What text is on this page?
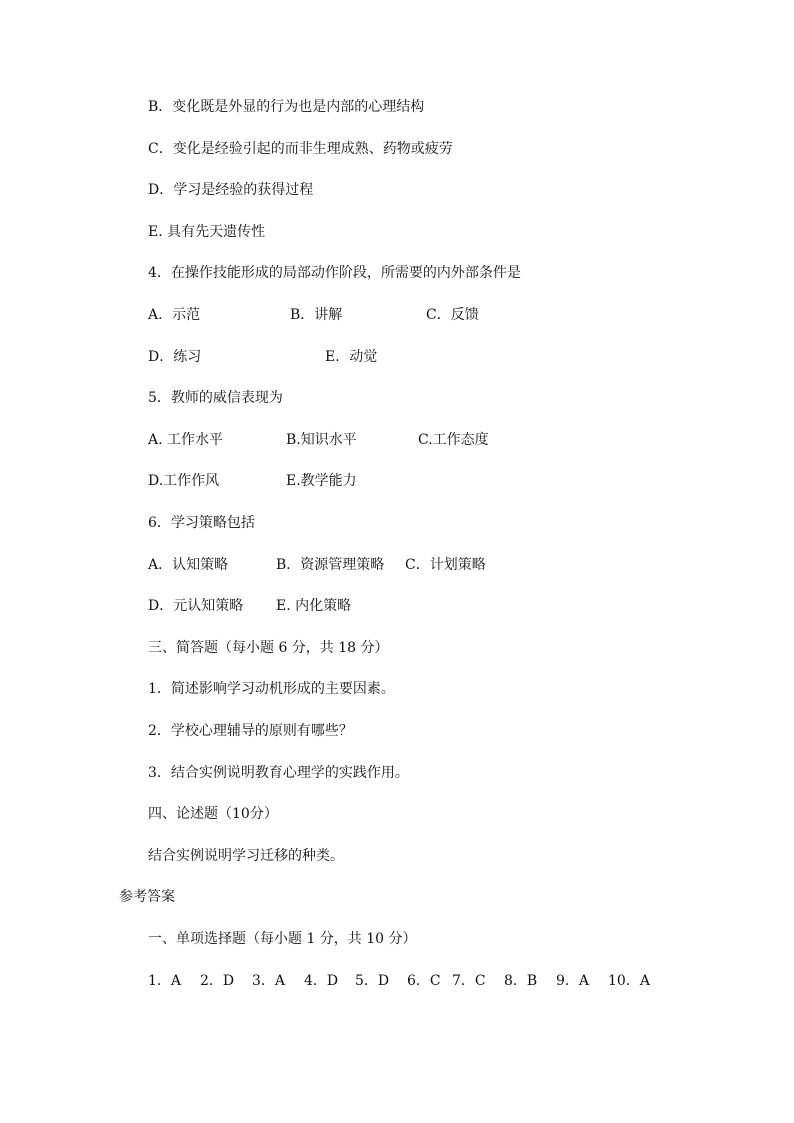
B．变化既是外显的行为也是内部的心理结构
C．变化是经验引起的而非生理成熟、药物或疲劳
D．学习是经验的获得过程
E. 具有先天遗传性
4．在操作技能形成的局部动作阶段，所需要的内外部条件是
A．示范	B．讲解	C．反馈
D．练习	E．动觉
5．教师的威信表现为
A. 工作水平	B.知识水平	C.工作态度
D.工作作风	E.教学能力
6．学习策略包括
A．认知策略	B．资源管理策略 C．计划策略
D．元认知策略 E. 内化策略
三、简答题（每小题 6 分，共 18 分）
1．简述影响学习动机形成的主要因素。
2．学校心理辅导的原则有哪些？
3．结合实例说明教育心理学的实践作用。
四、论述题（10分）
结合实例说明学习迁移的种类。
参考答案
一、单项选择题（每小题 1 分，共 10 分）
1．A 2．D 3．A 4．D 5．D 6．C 7．C 8．B 9．A 10．A
